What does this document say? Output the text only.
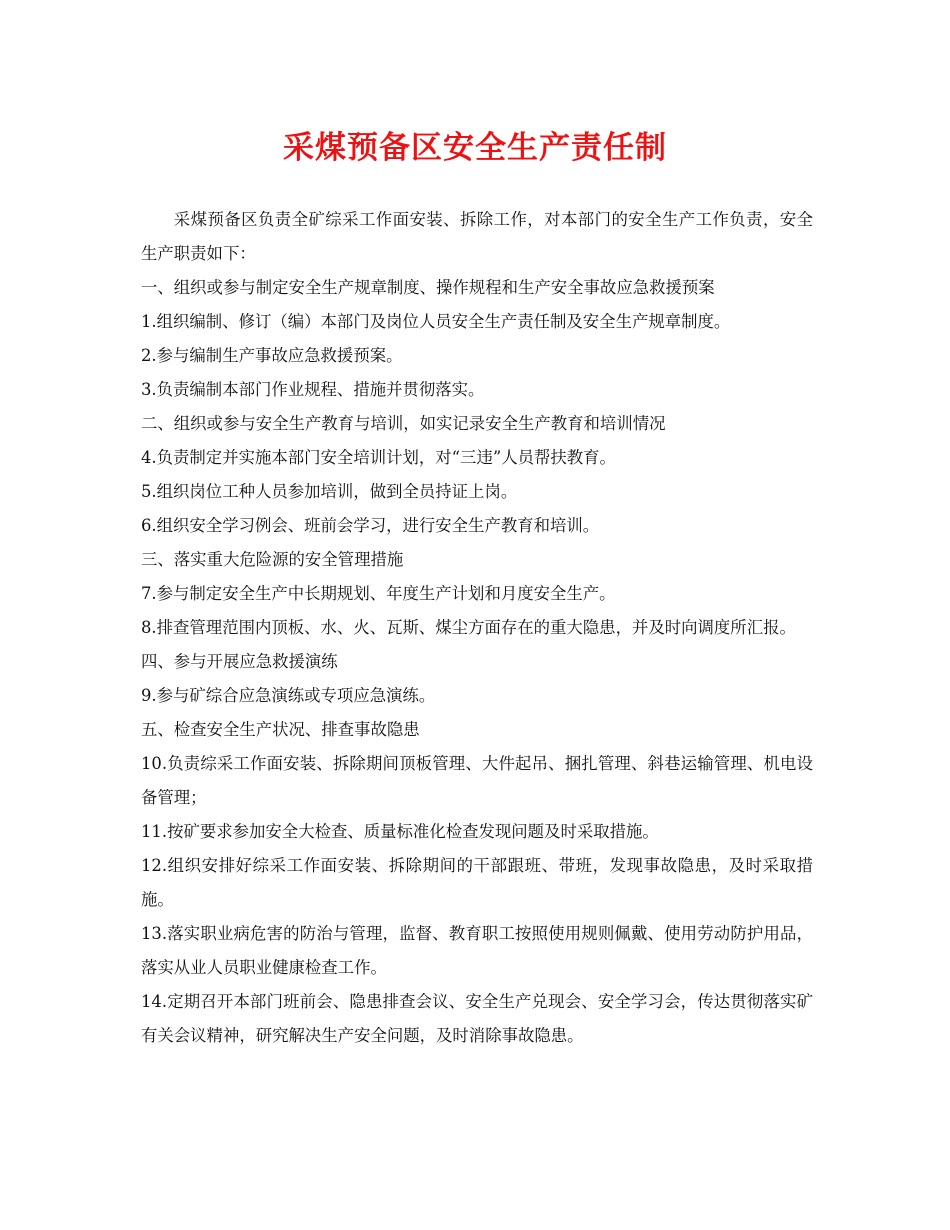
采煤预备区安全生产责任制

采煤预备区负责全矿综采工作面安装、拆除工作，对本部门的安全生产工作负责，安全生产职责如下：

一、组织或参与制定安全生产规章制度、操作规程和生产安全事故应急救援预案

1.组织编制、修订（编）本部门及岗位人员安全生产责任制及安全生产规章制度。

2.参与编制生产事故应急救援预案。

3.负责编制本部门作业规程、措施并贯彻落实。

二、组织或参与安全生产教育与培训，如实记录安全生产教育和培训情况

4.负责制定并实施本部门安全培训计划，对“三违”人员帮扶教育。

5.组织岗位工种人员参加培训，做到全员持证上岗。

6.组织安全学习例会、班前会学习，进行安全生产教育和培训。

三、落实重大危险源的安全管理措施

7.参与制定安全生产中长期规划、年度生产计划和月度安全生产。

8.排查管理范围内顶板、水、火、瓦斯、煤尘方面存在的重大隐患，并及时向调度所汇报。

四、参与开展应急救援演练

9.参与矿综合应急演练或专项应急演练。

五、检查安全生产状况、排查事故隐患

10.负责综采工作面安装、拆除期间顶板管理、大件起吊、捆扎管理、斜巷运输管理、机电设备管理；

11.按矿要求参加安全大检查、质量标准化检查发现问题及时采取措施。

12.组织安排好综采工作面安装、拆除期间的干部跟班、带班，发现事故隐患，及时采取措施。

13.落实职业病危害的防治与管理，监督、教育职工按照使用规则佩戴、使用劳动防护用品，落实从业人员职业健康检查工作。

14.定期召开本部门班前会、隐患排查会议、安全生产兑现会、安全学习会，传达贯彻落实矿有关会议精神，研究解决生产安全问题，及时消除事故隐患。
